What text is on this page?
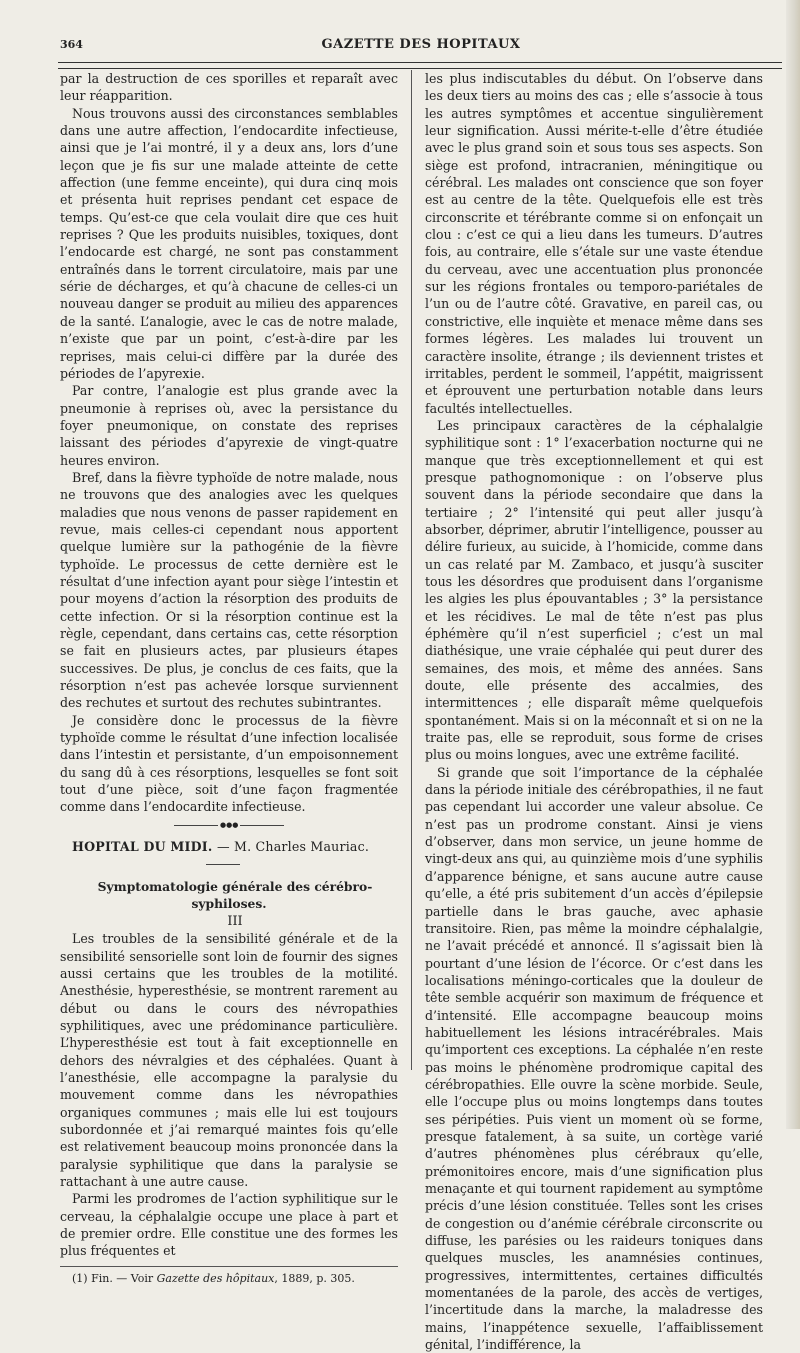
364	GAZETTE DES HOPITAUX

par la destruction de ces sporilles et reparaît avec leur réapparition.

Nous trouvons aussi des circonstances semblables dans une autre affection, l’endocardite infectieuse, ainsi que je l’ai montré, il y a deux ans, lors d’une leçon que je fis sur une malade atteinte de cette affection (une femme enceinte), qui dura cinq mois et présenta huit reprises pendant cet espace de temps. Qu’est-ce que cela voulait dire que ces huit reprises ? Que les produits nuisibles, toxiques, dont l’endocarde est chargé, ne sont pas constamment entraînés dans le torrent circulatoire, mais par une série de décharges, et qu’à chacune de celles-ci un nouveau danger se produit au milieu des apparences de la santé. L’analogie, avec le cas de notre malade, n’existe que par un point, c’est-à-dire par les reprises, mais celui-ci diffère par la durée des périodes de l’apyrexie.

Par contre, l’analogie est plus grande avec la pneumonie à reprises où, avec la persistance du foyer pneumonique, on constate des reprises laissant des périodes d’apyrexie de vingt-quatre heures environ.

Bref, dans la fièvre typhoïde de notre malade, nous ne trouvons que des analogies avec les quelques maladies que nous venons de passer rapidement en revue, mais celles-ci cependant nous apportent quelque lumière sur la pathogénie de la fièvre typhoïde. Le processus de cette dernière est le résultat d’une infection ayant pour siège l’intestin et pour moyens d’action la résorption des produits de cette infection. Or si la résorption continue est la règle, cependant, dans certains cas, cette résorption se fait en plusieurs actes, par plusieurs étapes successives. De plus, je conclus de ces faits, que la résorption n’est pas achevée lorsque surviennent des rechutes et surtout des rechutes subintrantes.

Je considère donc le processus de la fièvre typhoïde comme le résultat d’une infection localisée dans l’intestin et persistante, d’un empoisonnement du sang dû à ces résorptions, lesquelles se font soit tout d’une pièce, soit d’une façon fragmentée comme dans l’endocardite infectieuse.

●●●

HOPITAL DU MIDI. — M. Charles Mauriac.

Symptomatologie générale des cérébro-syphiloses.

III

Les troubles de la sensibilité générale et de la sensibilité sensorielle sont loin de fournir des signes aussi certains que les troubles de la motilité. Anesthésie, hyperesthésie, se montrent rarement au début ou dans le cours des névropathies syphilitiques, avec une prédominance particulière. L’hyperesthésie est tout à fait exceptionnelle en dehors des névralgies et des céphalées. Quant à l’anesthésie, elle accompagne la paralysie du mouvement comme dans les névropathies organiques communes ; mais elle lui est toujours subordonnée et j’ai remarqué maintes fois qu’elle est relativement beaucoup moins prononcée dans la paralysie syphilitique que dans la paralysie se rattachant à une autre cause.

Parmi les prodromes de l’action syphilitique sur le cerveau, la céphalalgie occupe une place à part et de premier ordre. Elle constitue une des formes les plus fréquentes et

(1) Fin. — Voir Gazette des hôpitaux, 1889, p. 305.

les plus indiscutables du début. On l’observe dans les deux tiers au moins des cas ; elle s’associe à tous les autres symptômes et accentue singulièrement leur signification. Aussi mérite-t-elle d’être étudiée avec le plus grand soin et sous tous ses aspects. Son siège est profond, intracranien, méningitique ou cérébral. Les malades ont conscience que son foyer est au centre de la tête. Quelquefois elle est très circonscrite et térébrante comme si on enfonçait un clou : c’est ce qui a lieu dans les tumeurs. D’autres fois, au contraire, elle s’étale sur une vaste étendue du cerveau, avec une accentuation plus prononcée sur les régions frontales ou temporo-pariétales de l’un ou de l’autre côté. Gravative, en pareil cas, ou constrictive, elle inquiète et menace même dans ses formes légères. Les malades lui trouvent un caractère insolite, étrange ; ils deviennent tristes et irritables, perdent le sommeil, l’appétit, maigrissent et éprouvent une perturbation notable dans leurs facultés intellectuelles.

Les principaux caractères de la céphalalgie syphilitique sont : 1° l’exacerbation nocturne qui ne manque que très exceptionnellement et qui est presque pathognomonique : on l’observe plus souvent dans la période secondaire que dans la tertiaire ; 2° l’intensité qui peut aller jusqu’à absorber, déprimer, abrutir l’intelligence, pousser au délire furieux, au suicide, à l’homicide, comme dans un cas relaté par M. Zambaco, et jusqu’à susciter tous les désordres que produisent dans l’organisme les algies les plus épouvantables ; 3° la persistance et les récidives. Le mal de tête n’est pas plus éphémère qu’il n’est superficiel ; c’est un mal diathésique, une vraie céphalée qui peut durer des semaines, des mois, et même des années. Sans doute, elle présente des accalmies, des intermittences ; elle disparaît même quelquefois spontanément. Mais si on la méconnaît et si on ne la traite pas, elle se reproduit, sous forme de crises plus ou moins longues, avec une extrême facilité.

Si grande que soit l’importance de la céphalée dans la période initiale des cérébropathies, il ne faut pas cependant lui accorder une valeur absolue. Ce n’est pas un prodrome constant. Ainsi je viens d’observer, dans mon service, un jeune homme de vingt-deux ans qui, au quinzième mois d’une syphilis d’apparence bénigne, et sans aucune autre cause qu’elle, a été pris subitement d’un accès d’épilepsie partielle dans le bras gauche, avec aphasie transitoire. Rien, pas même la moindre céphalalgie, ne l’avait précédé et annoncé. Il s’agissait bien là pourtant d’une lésion de l’écorce. Or c’est dans les localisations méningo-corticales que la douleur de tête semble acquérir son maximum de fréquence et d’intensité. Elle accompagne beaucoup moins habituellement les lésions intracérébrales. Mais qu’importent ces exceptions. La céphalée n’en reste pas moins le phénomène prodromique capital des cérébropathies. Elle ouvre la scène morbide. Seule, elle l’occupe plus ou moins longtemps dans toutes ses péripéties. Puis vient un moment où se forme, presque fatalement, à sa suite, un cortège varié d’autres phénomènes plus cérébraux qu’elle, prémonitoires encore, mais d’une signification plus menaçante et qui tournent rapidement au symptôme précis d’une lésion constituée. Telles sont les crises de congestion ou d’anémie cérébrale circonscrite ou diffuse, les parésies ou les raideurs toniques dans quelques muscles, les anamnésies continues, progressives, intermittentes, certaines difficultés momentanées de la parole, des accès de vertiges, l’incertitude dans la marche, la maladresse des mains, l’inappétence sexuelle, l’affaiblissement génital, l’indifférence, la
